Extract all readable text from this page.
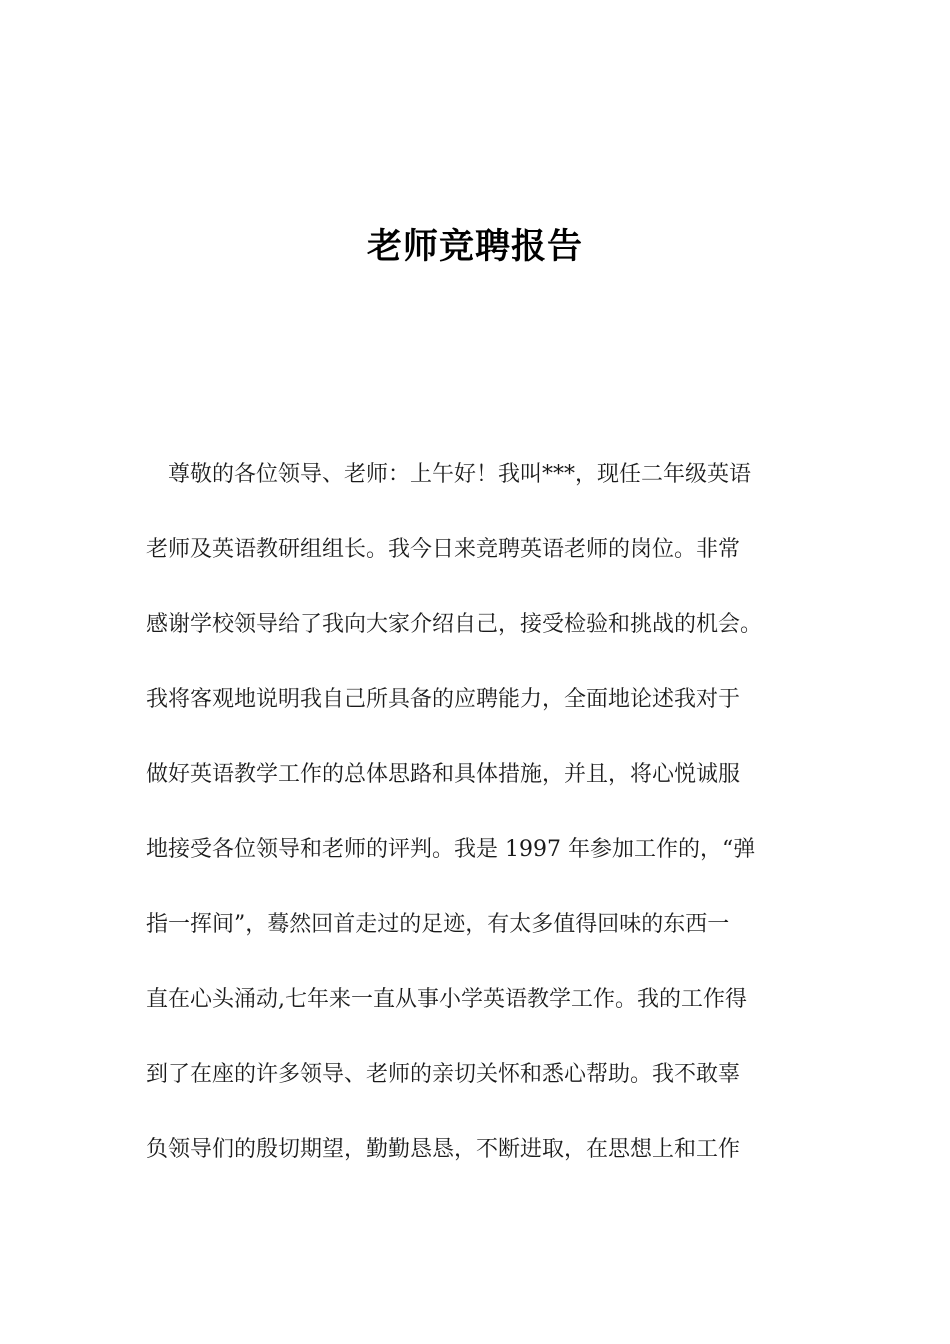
老师竞聘报告
尊敬的各位领导、老师：上午好！我叫***，现任二年级英语
老师及英语教研组组长。我今日来竞聘英语老师的岗位。非常
感谢学校领导给了我向大家介绍自己，接受检验和挑战的机会。
我将客观地说明我自己所具备的应聘能力，全面地论述我对于
做好英语教学工作的总体思路和具体措施，并且，将心悦诚服
地接受各位领导和老师的评判。我是 1997 年参加工作的，“弹
指一挥间”，蓦然回首走过的足迹，有太多值得回味的东西一
直在心头涌动,七年来一直从事小学英语教学工作。我的工作得
到了在座的许多领导、老师的亲切关怀和悉心帮助。我不敢辜
负领导们的殷切期望，勤勤恳恳，不断进取，在思想上和工作
